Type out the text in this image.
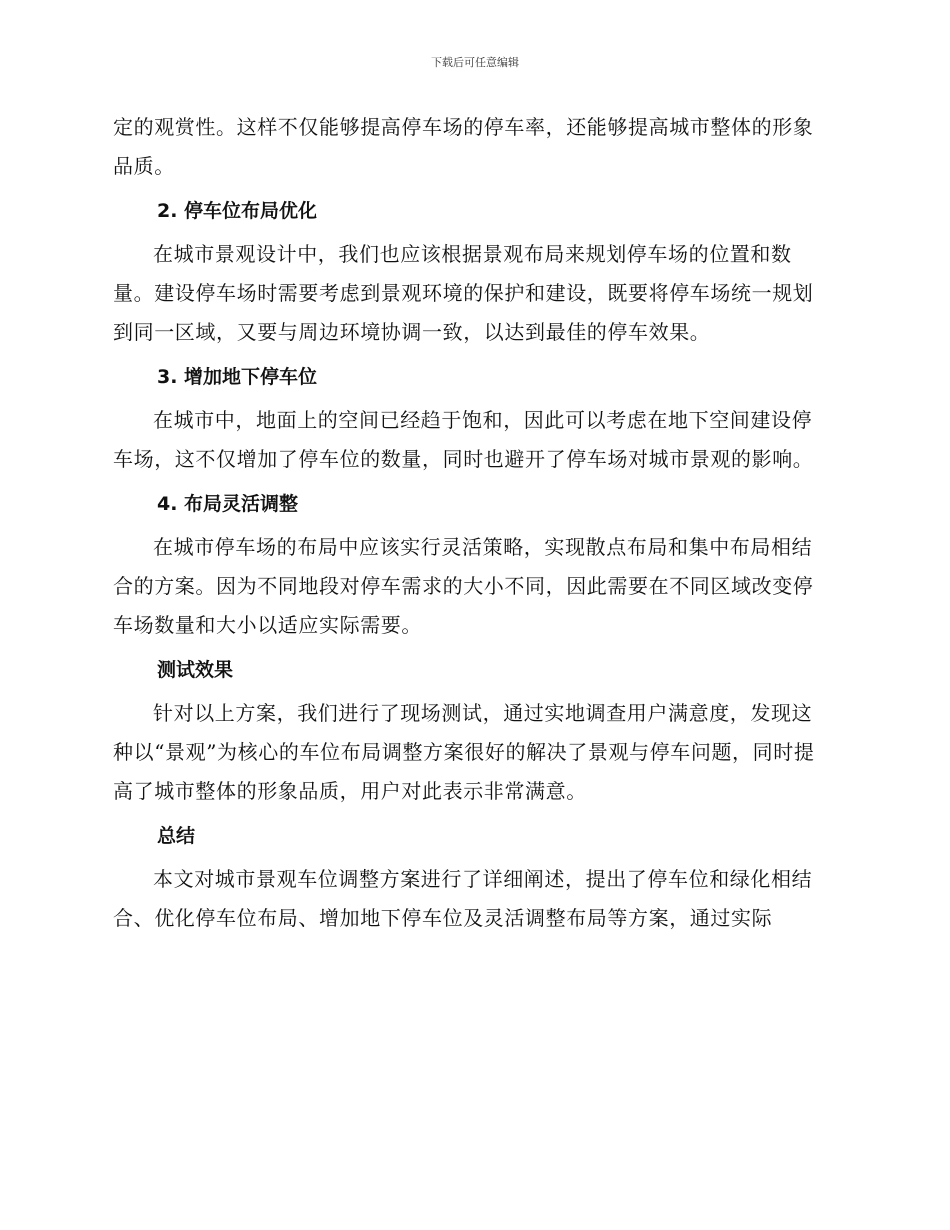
下载后可任意编辑

定的观赏性。这样不仅能够提高停车场的停车率，还能够提高城市整体的形象品质。

2. 停车位布局优化

在城市景观设计中，我们也应该根据景观布局来规划停车场的位置和数量。建设停车场时需要考虑到景观环境的保护和建设，既要将停车场统一规划到同一区域，又要与周边环境协调一致，以达到最佳的停车效果。

3. 增加地下停车位

在城市中，地面上的空间已经趋于饱和，因此可以考虑在地下空间建设停车场，这不仅增加了停车位的数量，同时也避开了停车场对城市景观的影响。

4. 布局灵活调整

在城市停车场的布局中应该实行灵活策略，实现散点布局和集中布局相结合的方案。因为不同地段对停车需求的大小不同，因此需要在不同区域改变停车场数量和大小以适应实际需要。

测试效果

针对以上方案，我们进行了现场测试，通过实地调查用户满意度，发现这种以“景观”为核心的车位布局调整方案很好的解决了景观与停车问题，同时提高了城市整体的形象品质，用户对此表示非常满意。

总结

本文对城市景观车位调整方案进行了详细阐述，提出了停车位和绿化相结合、优化停车位布局、增加地下停车位及灵活调整布局等方案，通过实际
